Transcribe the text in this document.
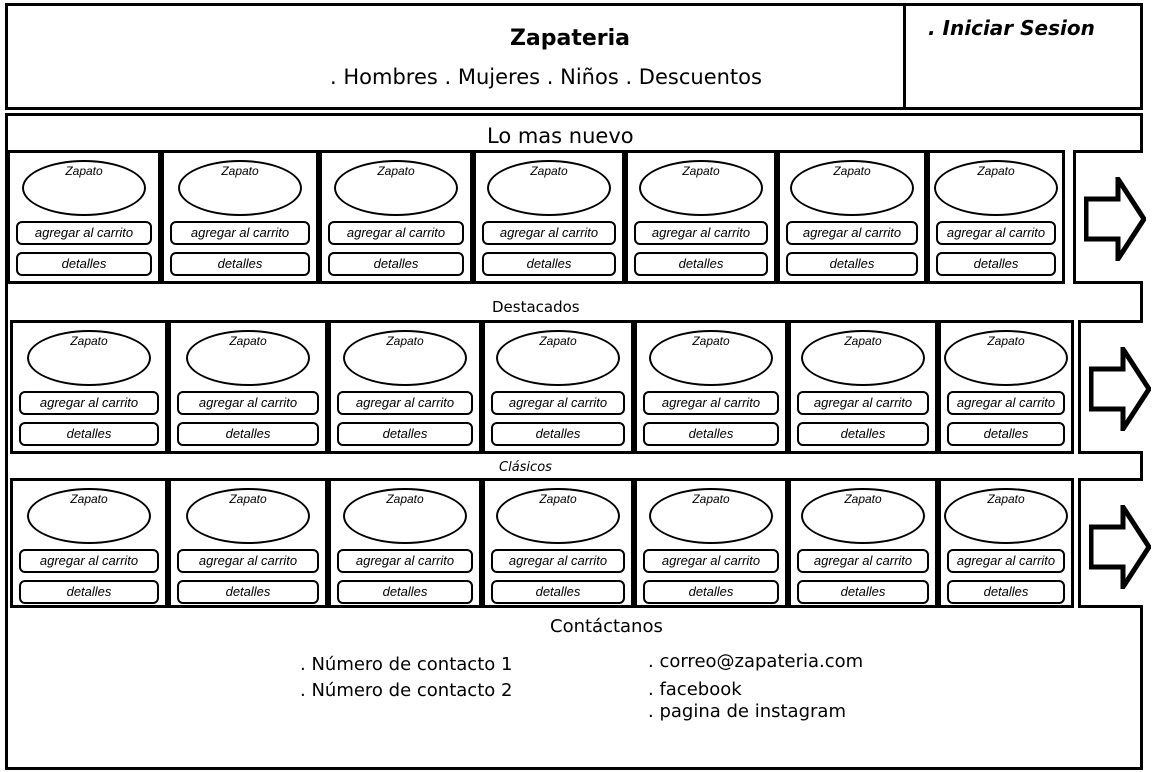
Zapateria
. Hombres . Mujeres . Niños . Descuentos
. Iniciar Sesion
Lo mas nuevo
Zapato
agregar al carrito
detalles
Zapato
agregar al carrito
detalles
Zapato
agregar al carrito
detalles
Zapato
agregar al carrito
detalles
Zapato
agregar al carrito
detalles
Zapato
agregar al carrito
detalles
Zapato
agregar al carrito
detalles
Destacados
Zapato
agregar al carrito
detalles
Zapato
agregar al carrito
detalles
Zapato
agregar al carrito
detalles
Zapato
agregar al carrito
detalles
Zapato
agregar al carrito
detalles
Zapato
agregar al carrito
detalles
Zapato
agregar al carrito
detalles
Clásicos
Zapato
agregar al carrito
detalles
Zapato
agregar al carrito
detalles
Zapato
agregar al carrito
detalles
Zapato
agregar al carrito
detalles
Zapato
agregar al carrito
detalles
Zapato
agregar al carrito
detalles
Zapato
agregar al carrito
detalles
Contáctanos
. Número de contacto 1
. Número de contacto 2
. correo@zapateria.com
. facebook
. pagina de instagram
